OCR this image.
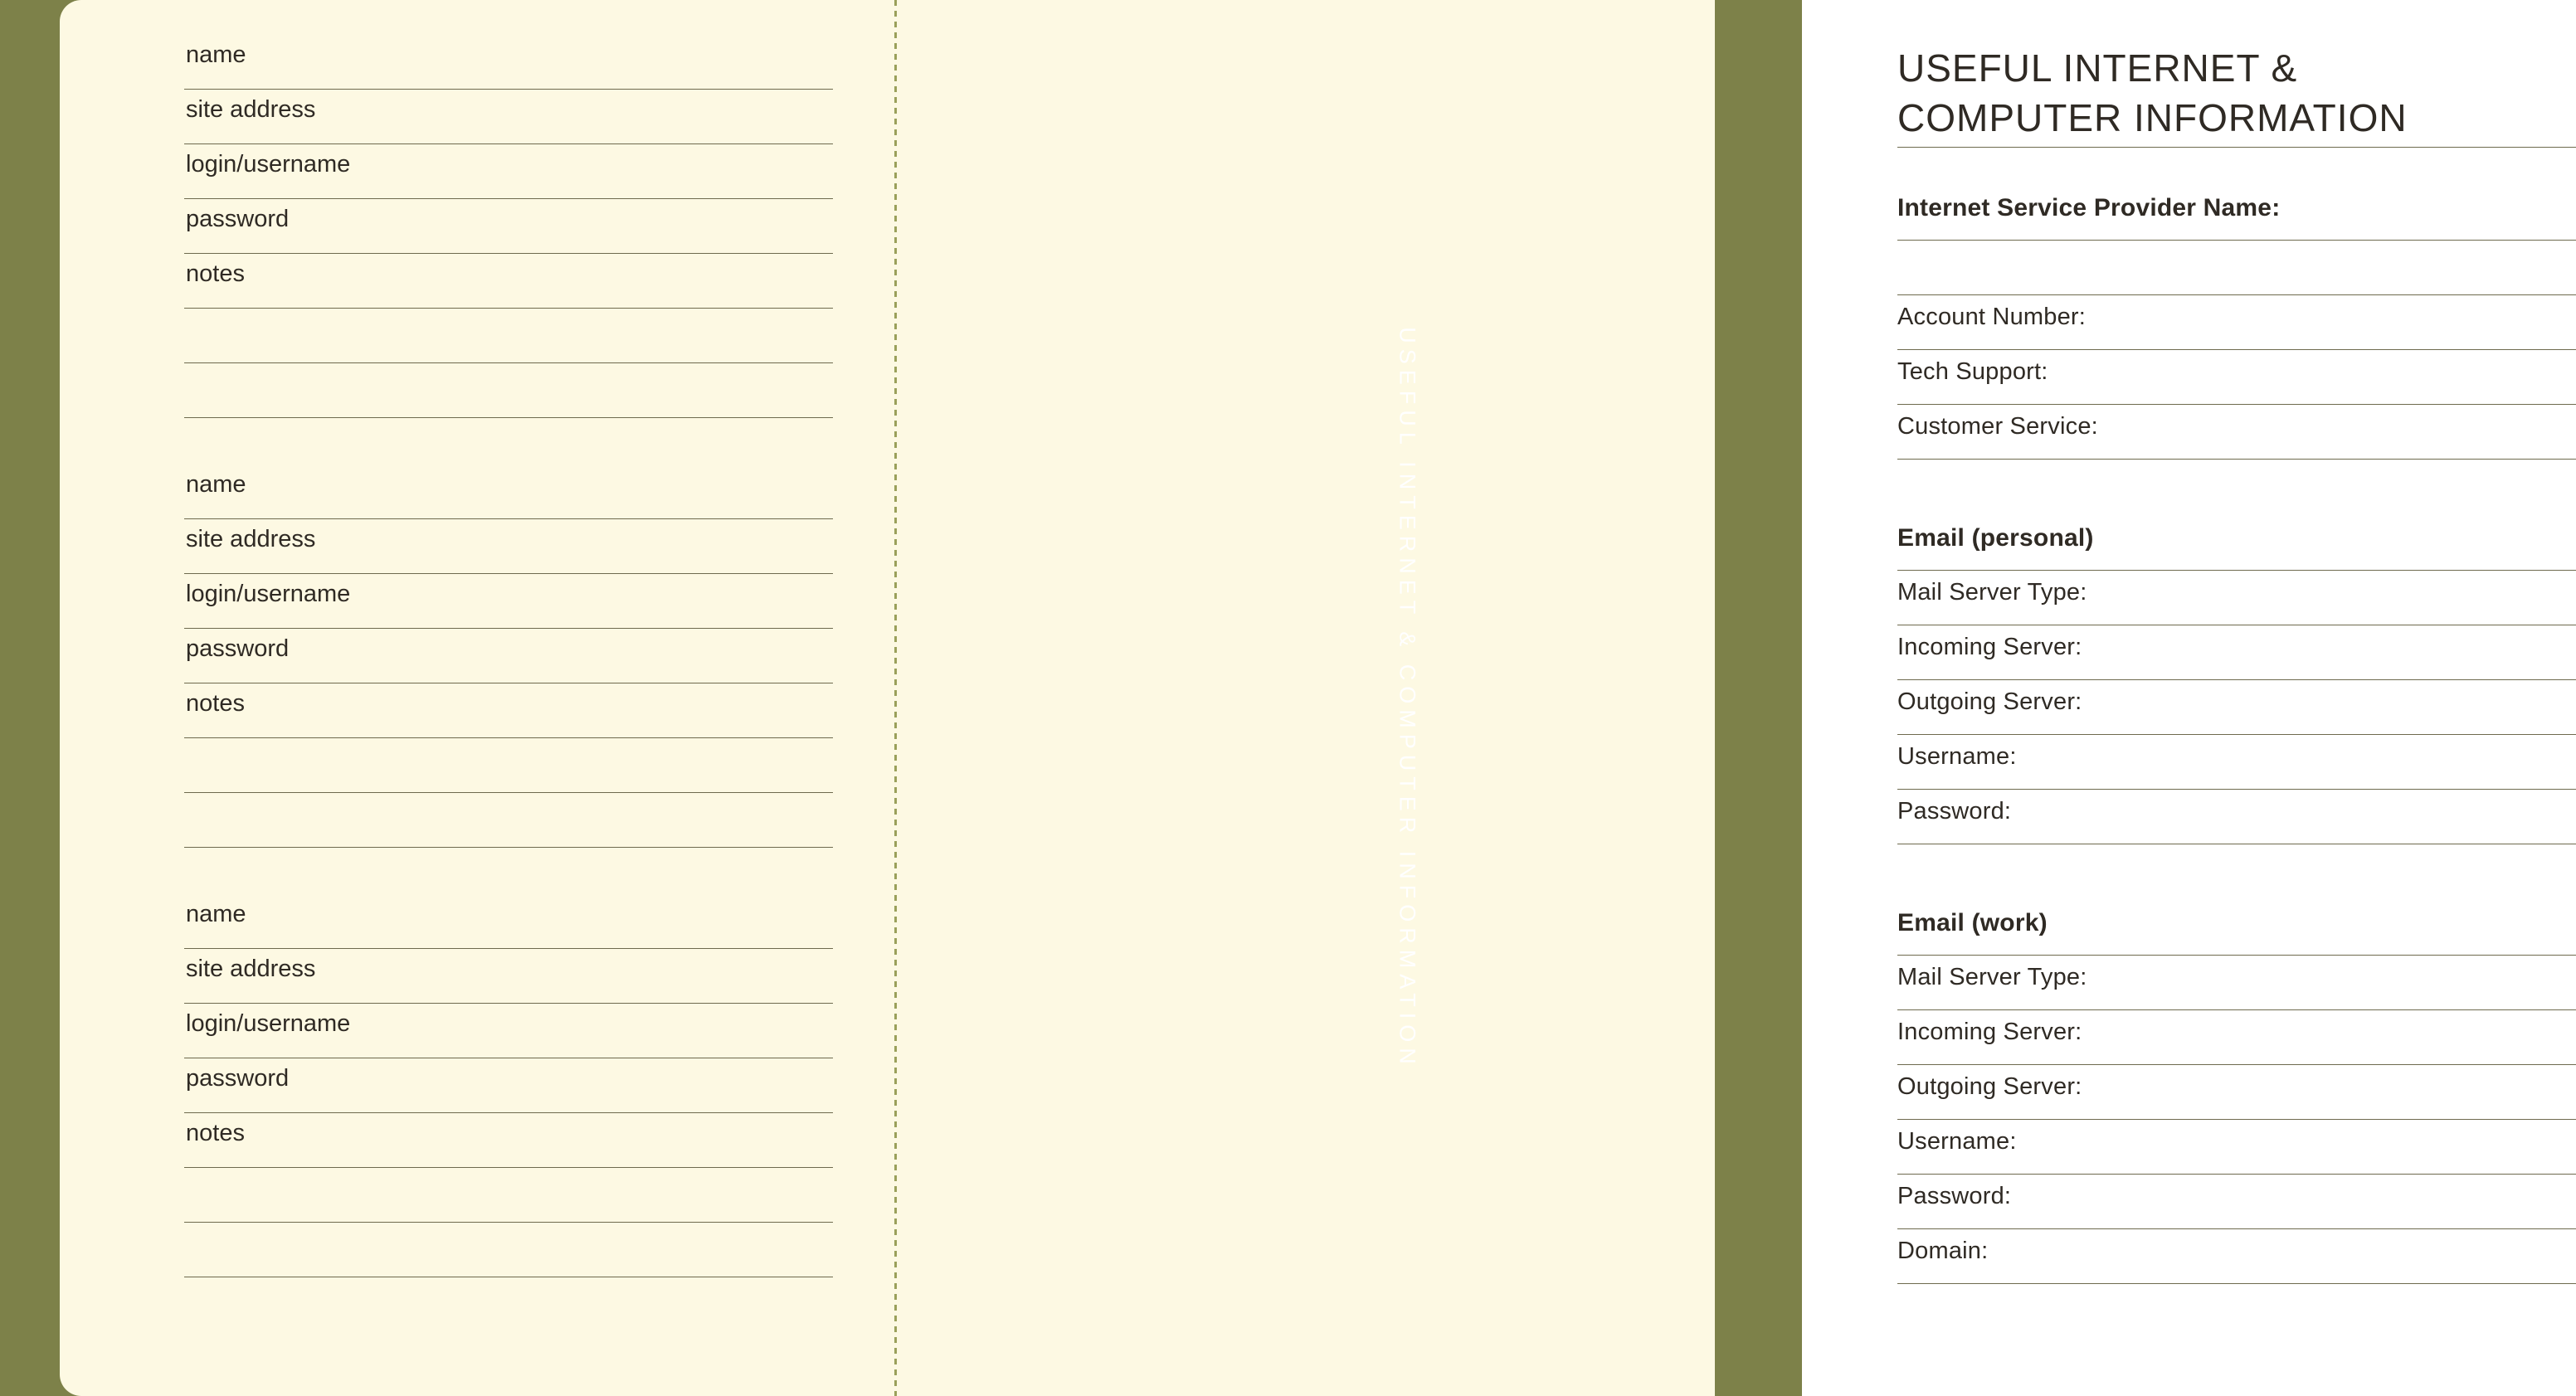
name
site address
login/username
password
notes
name
site address
login/username
password
notes
name
site address
login/username
password
notes
USEFUL INTERNET &
COMPUTER INFORMATION
Internet Service Provider Name:
Account Number:
Tech Support:
Customer Service:
Email (personal)
Mail Server Type:
Incoming Server:
Outgoing Server:
Username:
Password:
Email (work)
Mail Server Type:
Incoming Server:
Outgoing Server:
Username:
Password:
Domain:
USEFUL INTERNET & COMPUTER INFORMATION
